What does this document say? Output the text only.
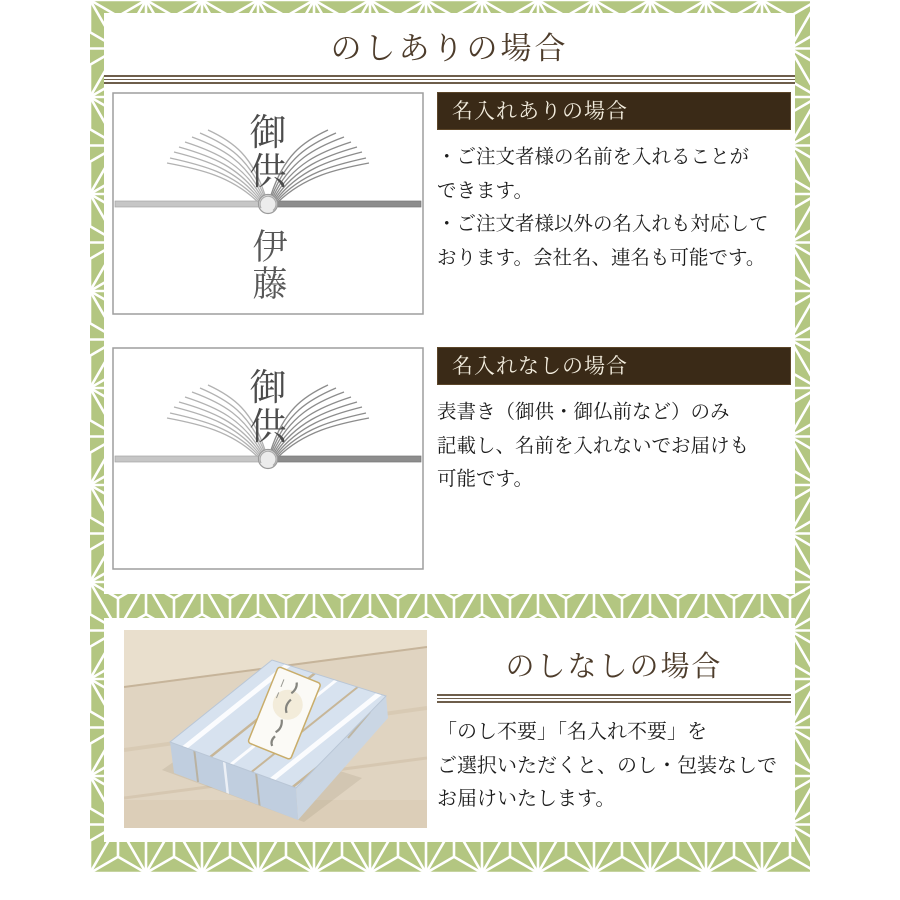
のしありの場合
御
供
伊
藤
名入れありの場合
・ご注文者様の名前を入れることが
できます。
・ご注文者様以外の名入れも対応して
おります。会社名、連名も可能です。
御
供
名入れなしの場合
表書き（御供・御仏前など）のみ
記載し、名前を入れないでお届けも
可能です。
のしなしの場合
「のし不要」「名入れ不要」を
ご選択いただくと、のし・包装なしで
お届けいたします。
